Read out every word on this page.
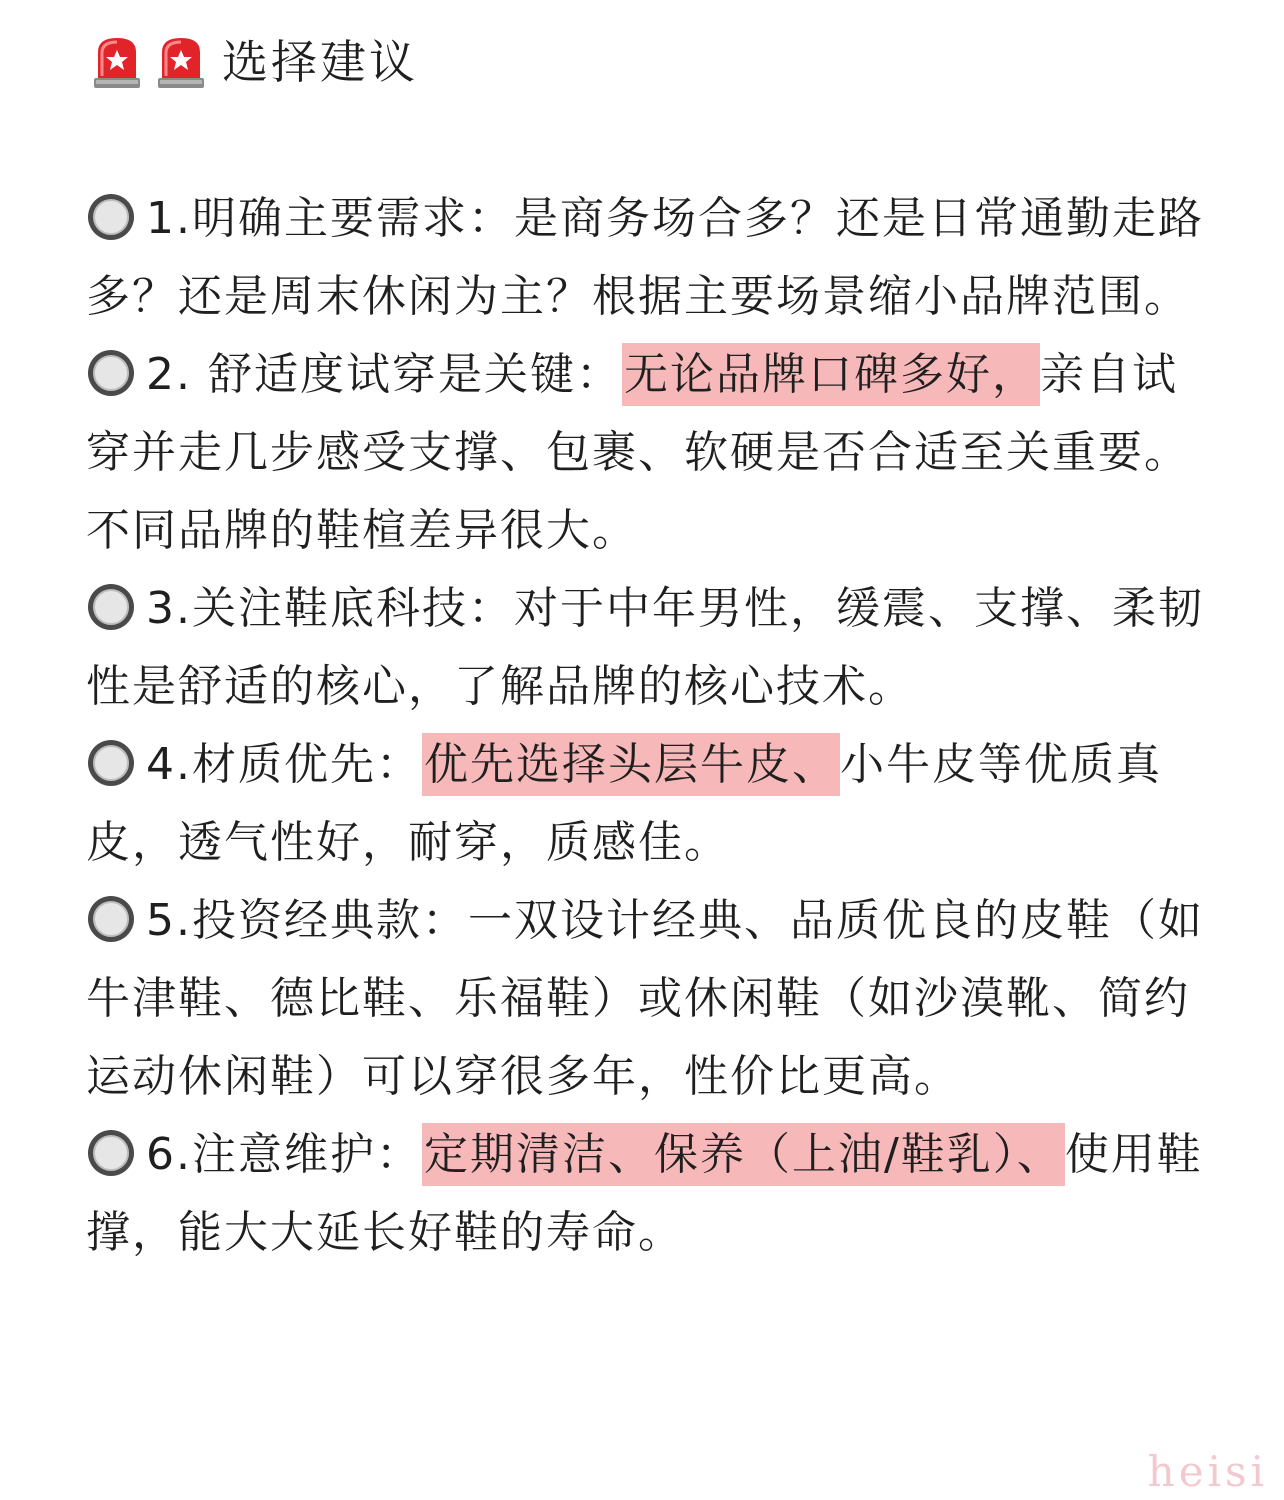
选择建议

1.明确主要需求：是商务场合多？还是日常通勤走路多？还是周末休闲为主？根据主要场景缩小品牌范围。

2. 舒适度试穿是关键：无论品牌口碑多好，亲自试穿并走几步感受支撑、包裹、软硬是否合适至关重要。不同品牌的鞋楦差异很大。

3.关注鞋底科技：对于中年男性，缓震、支撑、柔韧性是舒适的核心，了解品牌的核心技术。

4.材质优先：优先选择头层牛皮、小牛皮等优质真皮，透气性好，耐穿，质感佳。

5.投资经典款：一双设计经典、品质优良的皮鞋（如牛津鞋、德比鞋、乐福鞋）或休闲鞋（如沙漠靴、简约运动休闲鞋）可以穿很多年，性价比更高。

6.注意维护：定期清洁、保养（上油/鞋乳）、使用鞋撑，能大大延长好鞋的寿命。

heisi
